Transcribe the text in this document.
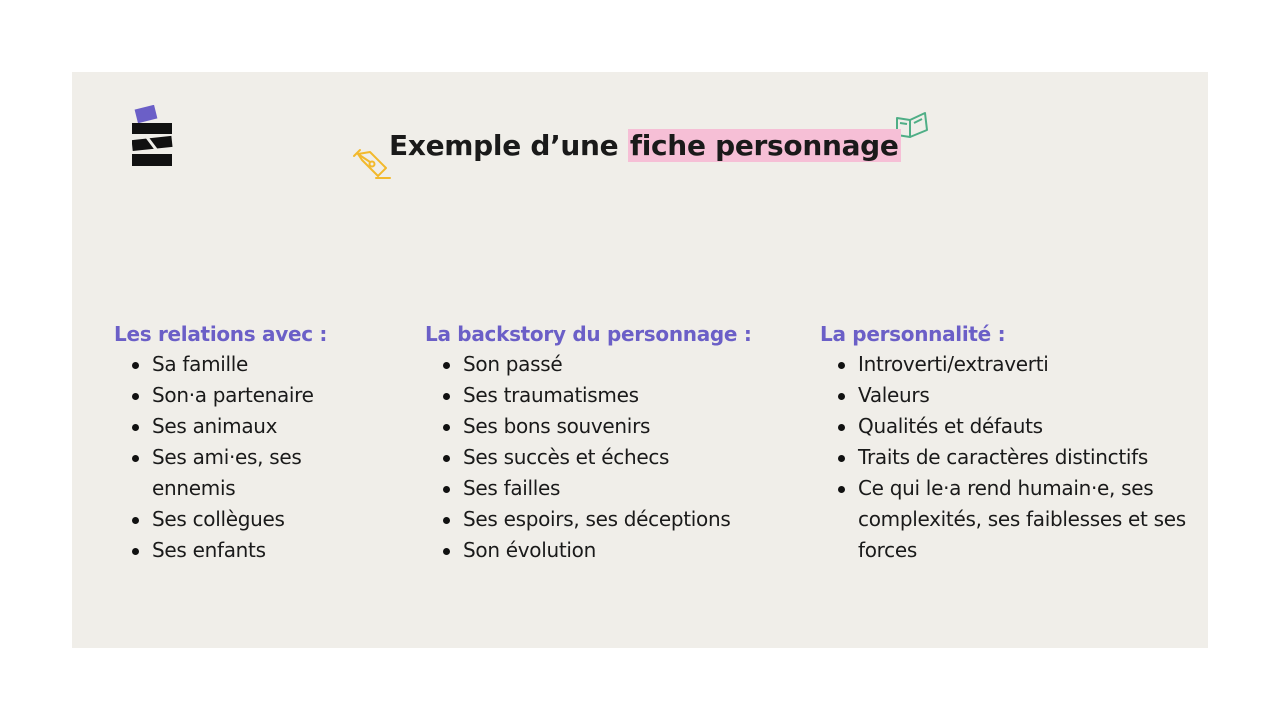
Exemple d’une fiche personnage
Les relations avec :
Sa famille
Son·a partenaire
Ses animaux
Ses ami·es, ses ennemis
Ses collègues
Ses enfants
La backstory du personnage :
Son passé
Ses traumatismes
Ses bons souvenirs
Ses succès et échecs
Ses failles
Ses espoirs, ses déceptions
Son évolution
La personnalité :
Introverti/extraverti
Valeurs
Qualités et défauts
Traits de caractères distinctifs
Ce qui le·a rend humain·e, ses complexités, ses faiblesses et ses forces
